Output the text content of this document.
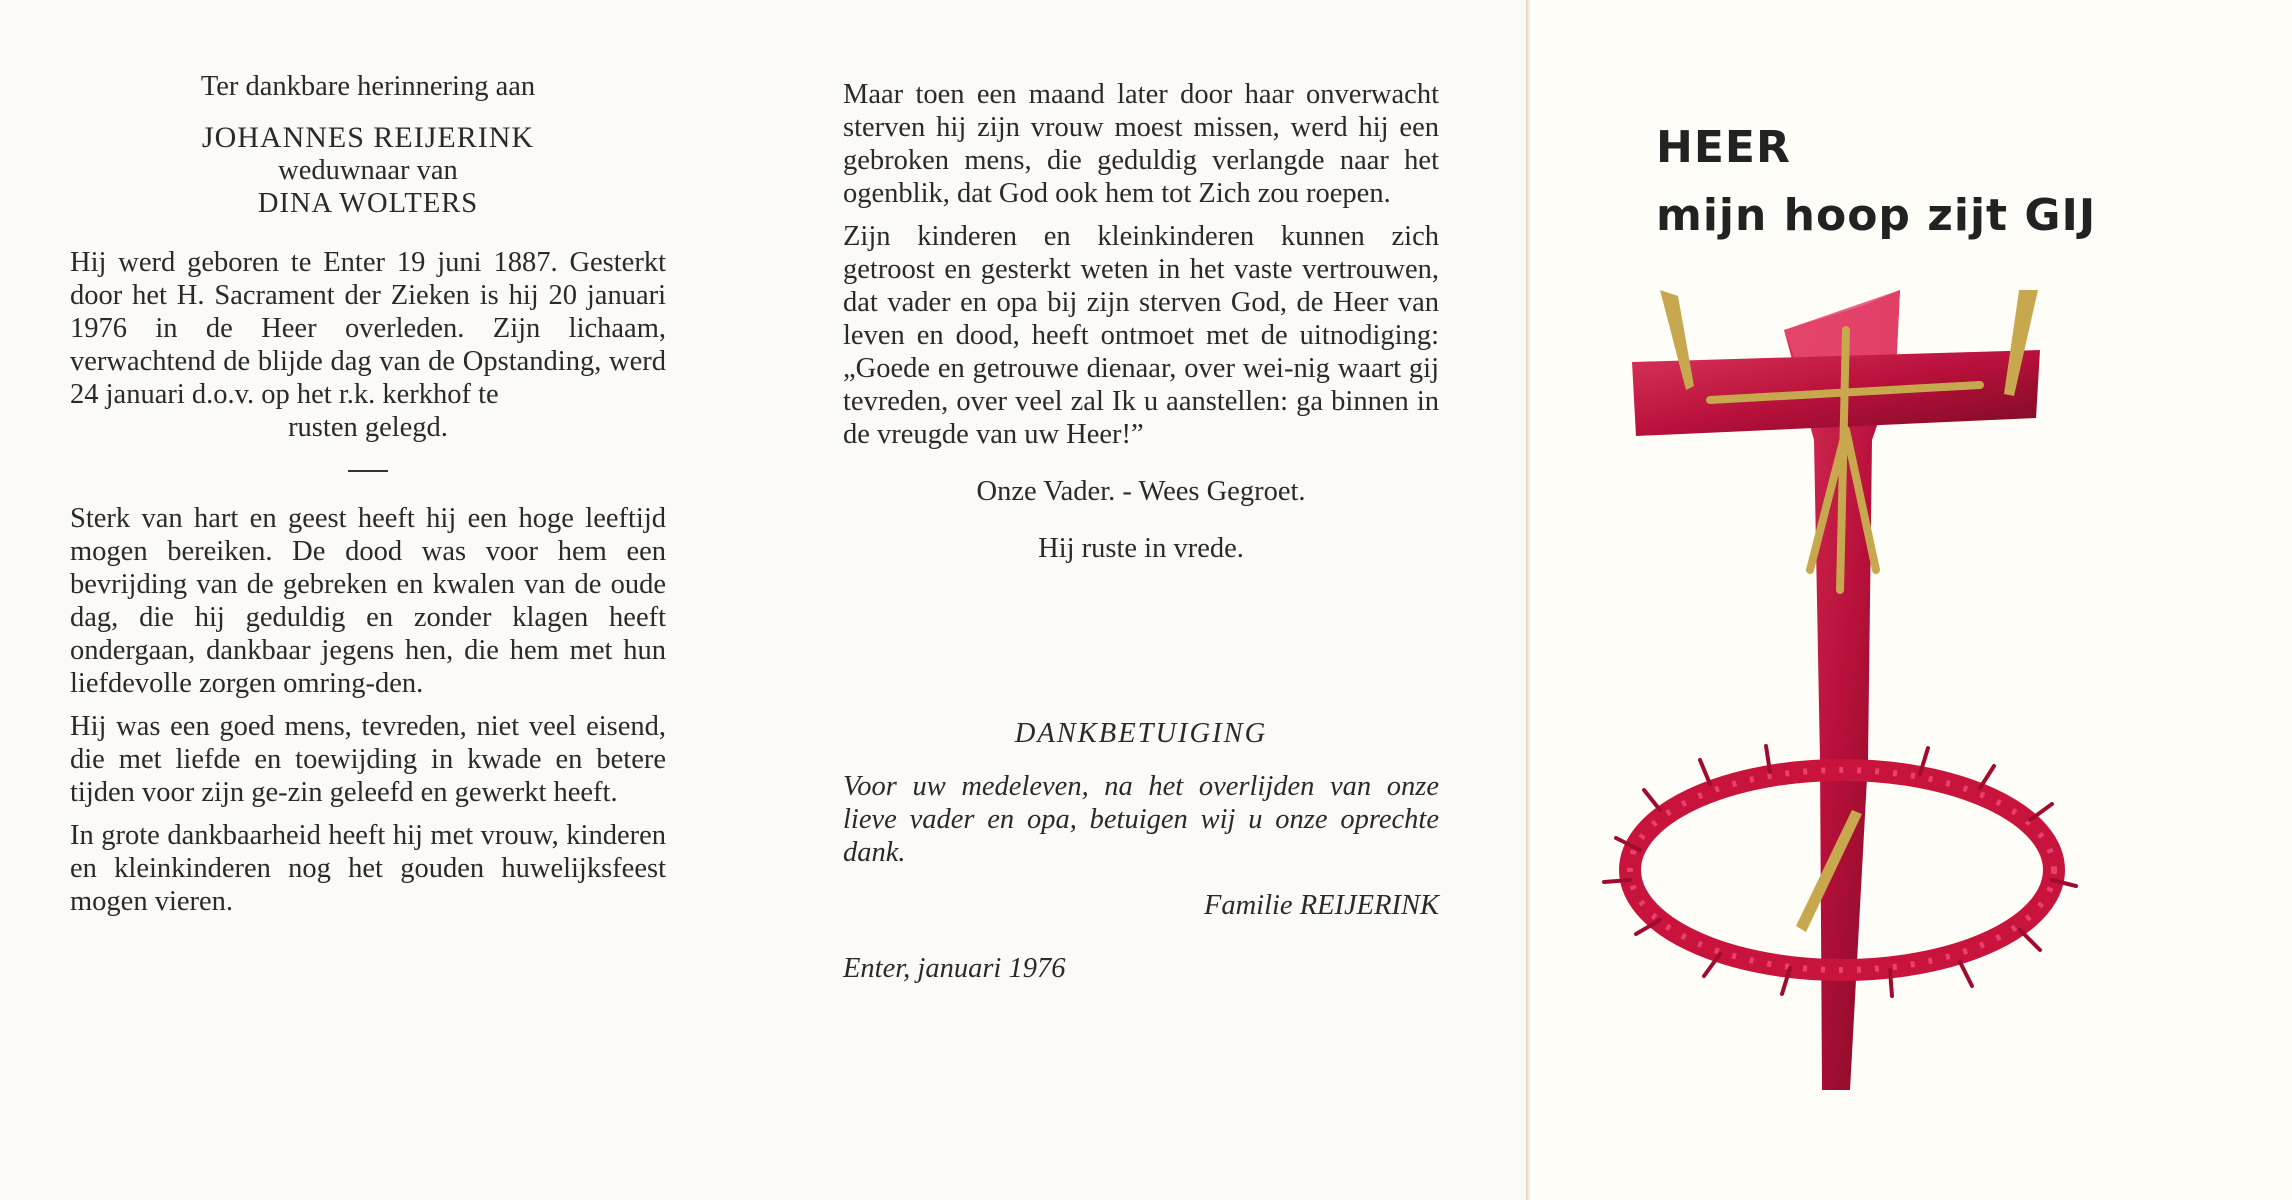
Ter dankbare herinnering aan

JOHANNES REIJERINK

weduwnaar van

DINA WOLTERS

Hij werd geboren te Enter 19 juni 1887. Gesterkt door het H. Sacrament der Zieken is hij 20 januari 1976 in de Heer overleden. Zijn lichaam, verwachtend de blijde dag van de Opstanding, werd 24 januari d.o.v. op het r.k. kerkhof te

rusten gelegd.

Sterk van hart en geest heeft hij een hoge leeftijd mogen bereiken. De dood was voor hem een bevrijding van de gebreken en kwalen van de oude dag, die hij geduldig en zonder klagen heeft ondergaan, dankbaar jegens hen, die hem met hun liefdevolle zorgen omring-den.

Hij was een goed mens, tevreden, niet veel eisend, die met liefde en toewijding in kwade en betere tijden voor zijn ge-zin geleefd en gewerkt heeft.

In grote dankbaarheid heeft hij met vrouw, kinderen en kleinkinderen nog het gouden huwelijksfeest mogen vieren.

Maar toen een maand later door haar onverwacht sterven hij zijn vrouw moest missen, werd hij een gebroken mens, die geduldig verlangde naar het ogenblik, dat God ook hem tot Zich zou roepen.

Zijn kinderen en kleinkinderen kunnen zich getroost en gesterkt weten in het vaste vertrouwen, dat vader en opa bij zijn sterven God, de Heer van leven en dood, heeft ontmoet met de uitnodiging: „Goede en getrouwe dienaar, over wei-nig waart gij tevreden, over veel zal Ik u aanstellen: ga binnen in de vreugde van uw Heer!”

Onze Vader. - Wees Gegroet.

Hij ruste in vrede.

DANKBETUIGING

Voor uw medeleven, na het overlijden van onze lieve vader en opa, betuigen wij u onze oprechte dank.

Familie REIJERINK

Enter, januari 1976

HEER

mijn hoop zijt GIJ
